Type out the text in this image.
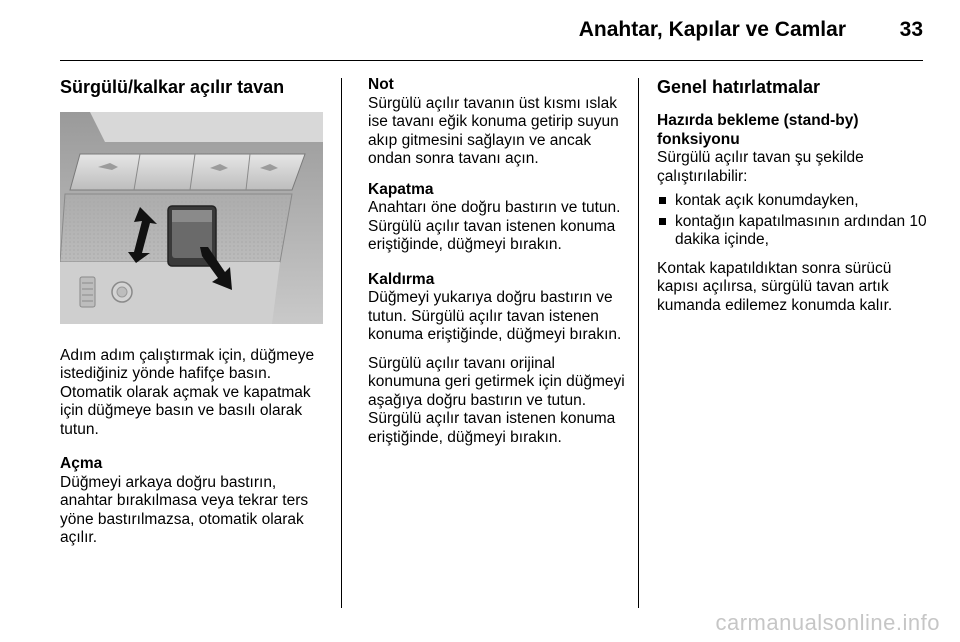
Anahtar, Kapılar ve Camlar	33
Sürgülü/kalkar açılır tavan

Adım adım çalıştırmak için, düğmeye istediğiniz yönde hafifçe basın. Otomatik olarak açmak ve kapatmak için düğmeye basın ve basılı olarak tutun.

Açma

Düğmeyi arkaya doğru bastırın, anahtar bırakılmasa veya tekrar ters yöne bastırılmazsa, otomatik olarak açılır.

Not

Sürgülü açılır tavanın üst kısmı ıslak ise tavanı eğik konuma getirip suyun akıp gitmesini sağlayın ve ancak ondan sonra tavanı açın.

Kapatma

Anahtarı öne doğru bastırın ve tutun. Sürgülü açılır tavan istenen konuma eriştiğinde, düğmeyi bırakın.

Kaldırma

Düğmeyi yukarıya doğru bastırın ve tutun. Sürgülü açılır tavan istenen konuma eriştiğinde, düğmeyi bırakın.

Sürgülü açılır tavanı orijinal konumuna geri getirmek için düğmeyi aşağıya doğru bastırın ve tutun. Sürgülü açılır tavan istenen konuma eriştiğinde, düğmeyi bırakın.

Genel hatırlatmalar

Hazırda bekleme (stand-by) fonksiyonu

Sürgülü açılır tavan şu şekilde çalıştırılabilir:

kontak açık konumdayken,
kontağın kapatılmasının ardından 10 dakika içinde,

Kontak kapatıldıktan sonra sürücü kapısı açılırsa, sürgülü tavan artık kumanda edilemez konumda kalır.

carmanualsonline.info
